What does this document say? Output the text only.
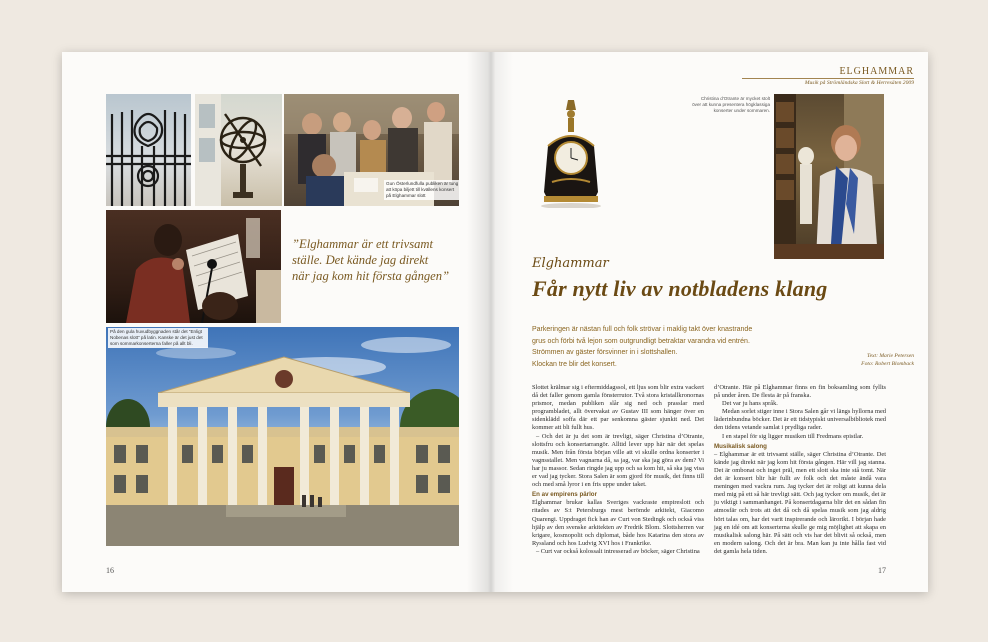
Gun Österlundfulla publiken är tung
att köpa biljett till kvällens konsert
på Elghammar slott
”Elghammar är ett trivsamt
ställe. Det kände jag direkt
när jag kom hit första gången”
På den gula huvudbyggnaden står det “Enligt
Nobenas slott” på latin. Kanske är det just det
som sommarkonserterna faller på allt bli.
16
ELGHAMMAR
Musik på Strömländska Slott & Herresäten 2009
Christina d’Otrante är mycket stolt
över att kunna presentera högklassiga
konserter under sommaren.
Elghammar
Får nytt liv av notbladens klang
Parkeringen är nästan full och folk strövar i maklig takt över knastrande
grus och förbi två lejon som outgrundligt betraktar varandra vid entrén.
Strömmen av gäster försvinner in i slottshallen.
Klockan tre blir det konsert.
Text: Marie Petersen
Foto: Robert Blomback

Slottet krälmar sig i eftermiddagssol, ett ljus som blir extra vackert då det faller genom gamla fönsterrutor. Två stora kristallkronornas prismor, medan publiken slår sig ned och prasslar med programbladet, allt övervakat av Gustav III som hänger över en sidenklädd soffa där ett par senkomna gäster sjunkit ned. Det kommer att bli fullt hus.

– Och det är ju det som är trevligt, säger Christina d’Otrante, slottsfru och konsertarrangör. Alltid lever upp här när det spelas musik. Men från första början ville att vi skulle ordna konserter i vagnsstallet. Men vagnarna då, sa jag, var ska jag göra av dem? Vi har ju massor. Sedan ringde jag upp och sa kom hit, så ska jag visa er vad jag tycker. Stora Salen är som gjord för musik, det finns till och med små lyror i en fris uppe under taket.

En av empirens pärlor

Elghammar brukar kallas Sveriges vackraste empireslott och ritades av S:t Petersburgs mest berömde arkitekt, Giacomo Quarengi. Uppdraget fick han av Curt von Stedingk och också viss hjälp av den svenske arkitekten av Fredrik Blom. Slottsherren var krigare, kosmopolit och diplomat, både hos Katarina den stora av Ryssland och hos Ludvig XVI hos i Frankrike.

– Curt var också kolossalt intresserad av böcker, säger Christina

d’Otrante. Här på Elghammar finns en fin boksamling som fyllts på under åren. De flesta är på franska.

Det var ju hans språk.

Medan sorlet stiger inne i Stora Salen går vi längs hyllorna med läderinbundna böcker. Det är ett tidstypiskt universalbibliotek med den tidens vetande samlat i prydliga rader.

I en stapel för sig ligger musiken till Fredmans epistlar.

Musikalisk salong

– Elghammar är ett trivsamt ställe, säger Christina d’Otrante. Det kände jag direkt när jag kom hit första gången. Här vill jag stanna. Det är ombonat och inget präl, men ett slott ska inte stå tomt. När det är konsert blir här fullt av folk och det måste ändå vara meningen med vackra rum. Jag tycker det är roligt att kunna dela med mig på ett så här trevligt sätt. Och jag tycker om musik, det är ju viktigt i sammanhanget. På konsertdagarna blir det en sådan fin atmosfär och trots att det då och då spelas musik som jag aldrig hört talas om, har det varit inspirerande och lärorikt. I början hade jag en idé om att konserterna skulle ge mig möjlighet att skapa en musikalisk salong här. På sätt och vis har det blivit så också, men en modern salong. Och det är bra. Man kan ju inte hålla fast vid det gamla hela tiden.

17
